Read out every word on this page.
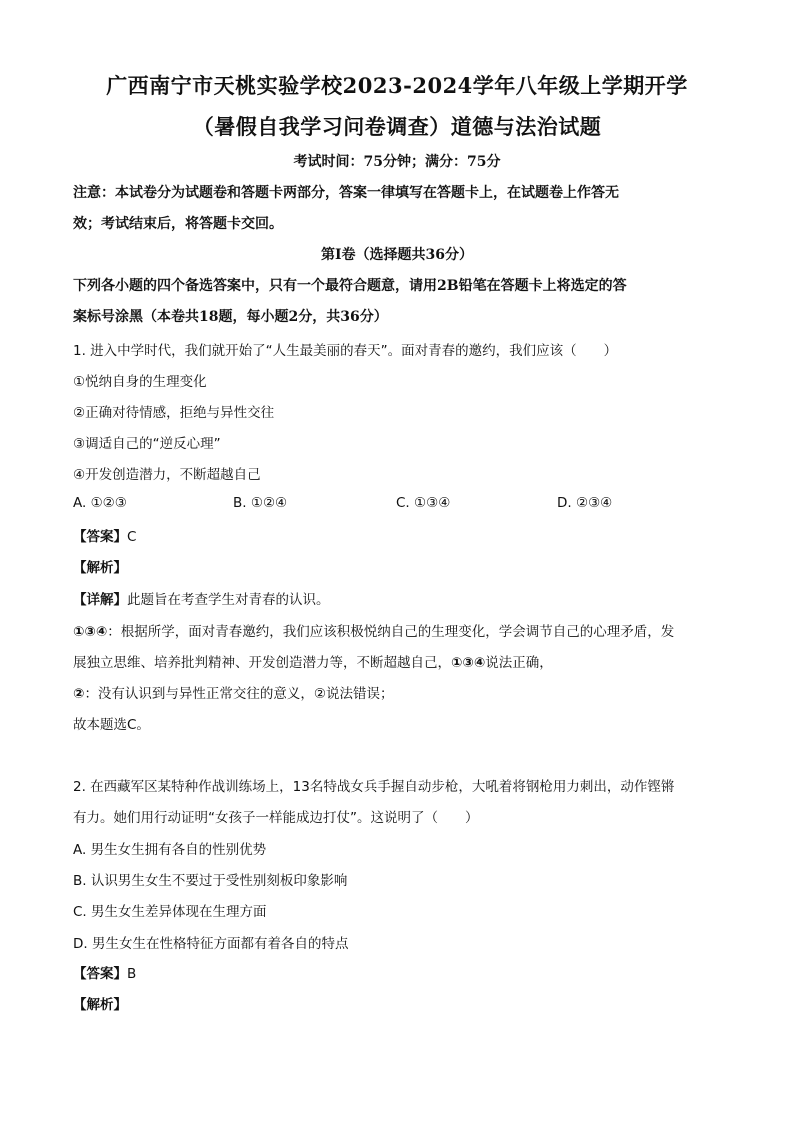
广西南宁市天桃实验学校2023-2024学年八年级上学期开学
（暑假自我学习问卷调查）道德与法治试题
考试时间：75分钟；满分：75分
注意：本试卷分为试题卷和答题卡两部分，答案一律填写在答题卡上，在试题卷上作答无
效；考试结束后，将答题卡交回。
第Ⅰ卷（选择题共36分）
下列各小题的四个备选答案中，只有一个最符合题意，请用2B铅笔在答题卡上将选定的答
案标号涂黑（本卷共18题，每小题2分，共36分）
1. 进入中学时代，我们就开始了“人生最美丽的春天”。面对青春的邀约，我们应该（　　）
①悦纳自身的生理变化
②正确对待情感，拒绝与异性交往
③调适自己的“逆反心理”
④开发创造潜力，不断超越自己
A. ①②③	B. ①②④	C. ①③④	D. ②③④
【答案】C
【解析】
【详解】此题旨在考查学生对青春的认识。
①③④：根据所学，面对青春邀约，我们应该积极悦纳自己的生理变化，学会调节自己的心理矛盾，发
展独立思维、培养批判精神、开发创造潜力等，不断超越自己，①③④说法正确，
②：没有认识到与异性正常交往的意义，②说法错误；
故本题选C。
2. 在西藏军区某特种作战训练场上，13名特战女兵手握自动步枪，大吼着将钢枪用力刺出，动作铿锵
有力。她们用行动证明“女孩子一样能成边打仗”。这说明了（　　）
A. 男生女生拥有各自的性别优势
B. 认识男生女生不要过于受性别刻板印象影响
C. 男生女生差异体现在生理方面
D. 男生女生在性格特征方面都有着各自的特点
【答案】B
【解析】
